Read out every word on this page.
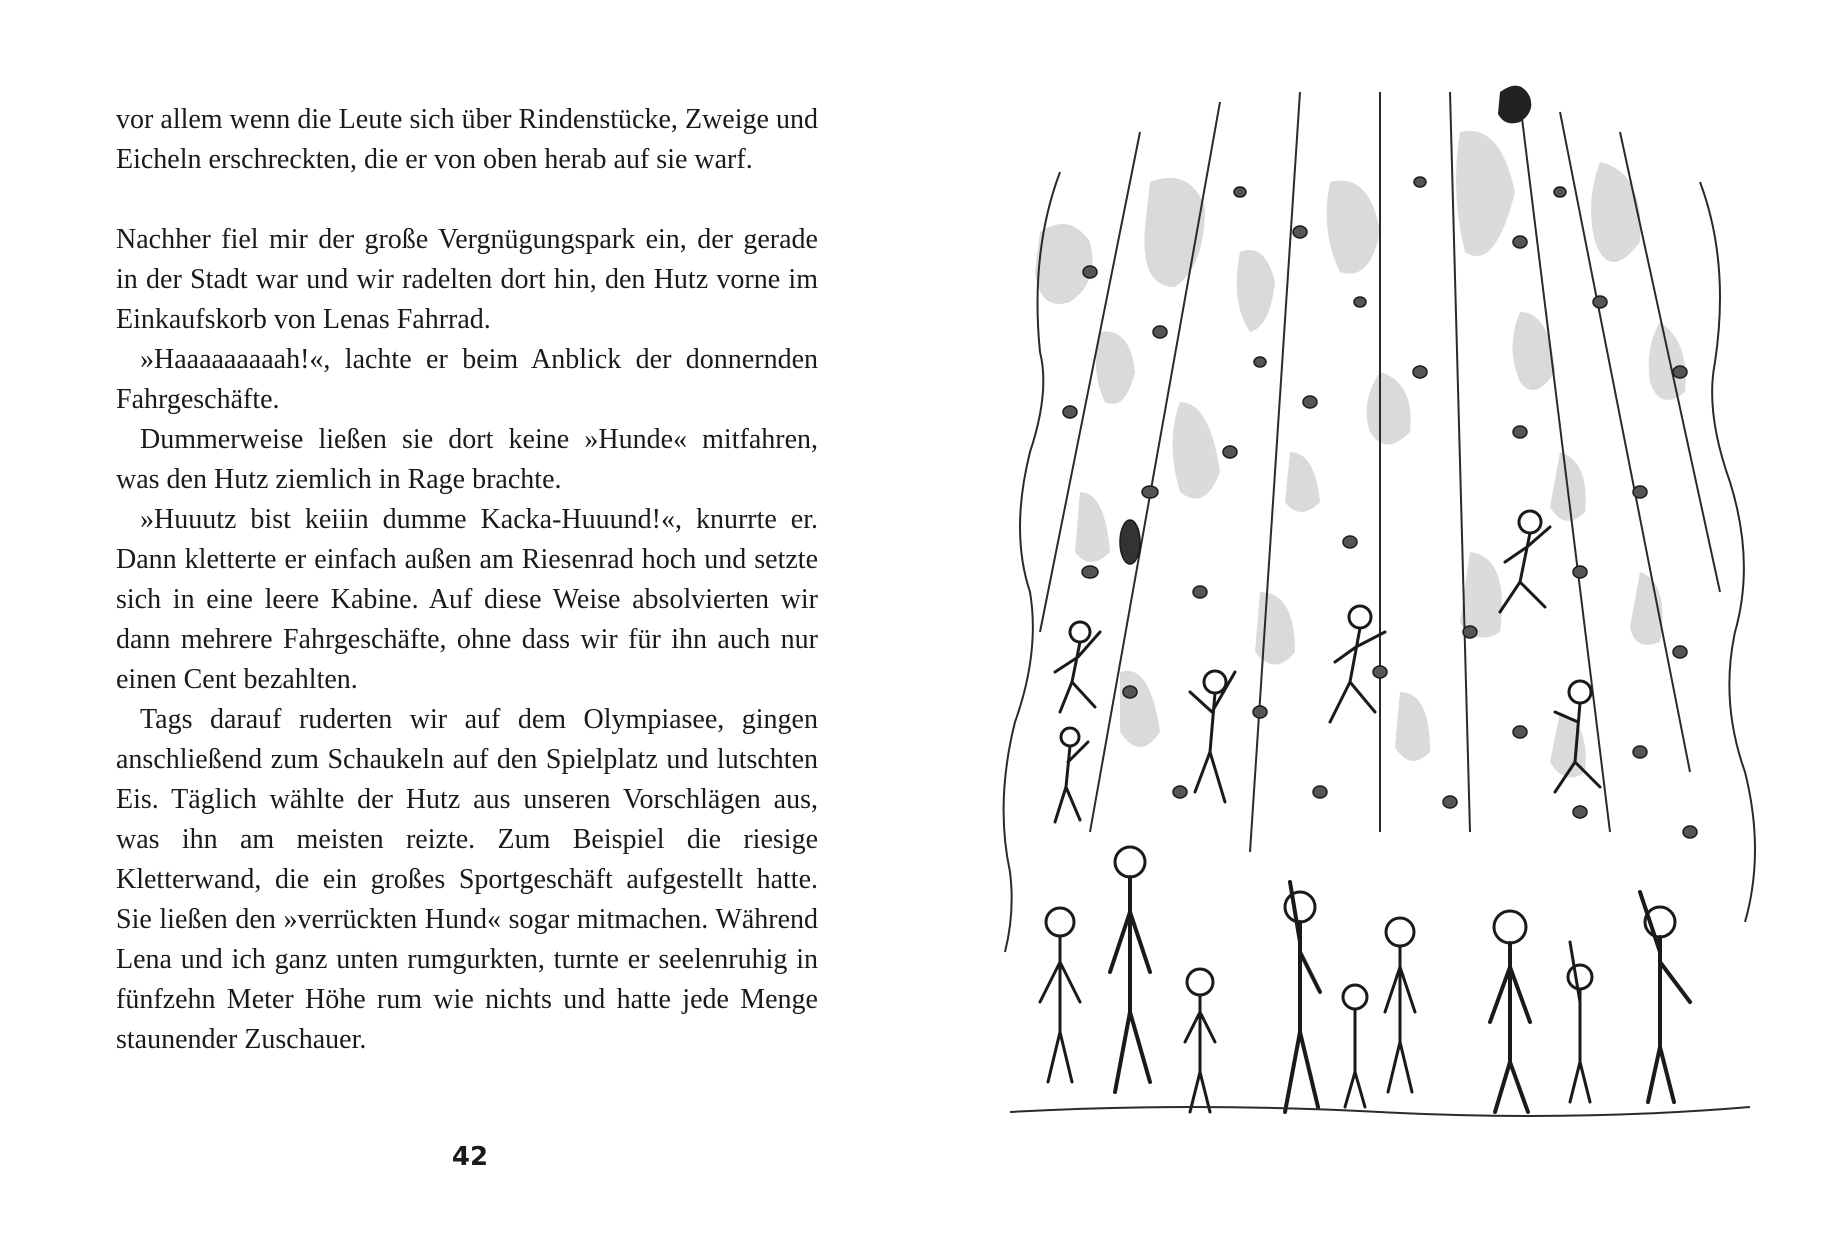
vor allem wenn die Leute sich über Rindenstücke, Zweige und Eicheln erschreckten, die er von oben herab auf sie warf.

Nachher fiel mir der große Vergnügungspark ein, der gerade in der Stadt war und wir radelten dort hin, den Hutz vorne im Einkaufskorb von Lenas Fahrrad.

»Haaaaaaaaah!«, lachte er beim Anblick der donnernden Fahrgeschäfte.

Dummerweise ließen sie dort keine »Hunde« mitfahren, was den Hutz ziemlich in Rage brachte.

»Huuutz bist keiiin dumme Kacka-Huuund!«, knurrte er. Dann kletterte er einfach außen am Riesenrad hoch und setzte sich in eine leere Kabine. Auf diese Weise absolvierten wir dann mehrere Fahrgeschäfte, ohne dass wir für ihn auch nur einen Cent bezahlten.

Tags darauf ruderten wir auf dem Olympiasee, gingen anschließend zum Schaukeln auf den Spielplatz und lutschten Eis. Täglich wählte der Hutz aus unseren Vorschlägen aus, was ihn am meisten reizte. Zum Beispiel die riesige Kletterwand, die ein großes Sportgeschäft aufgestellt hatte. Sie ließen den »verrückten Hund« sogar mitmachen. Während Lena und ich ganz unten rumgurkten, turnte er seelenruhig in fünfzehn Meter Höhe rum wie nichts und hatte jede Menge staunender Zuschauer.

42
